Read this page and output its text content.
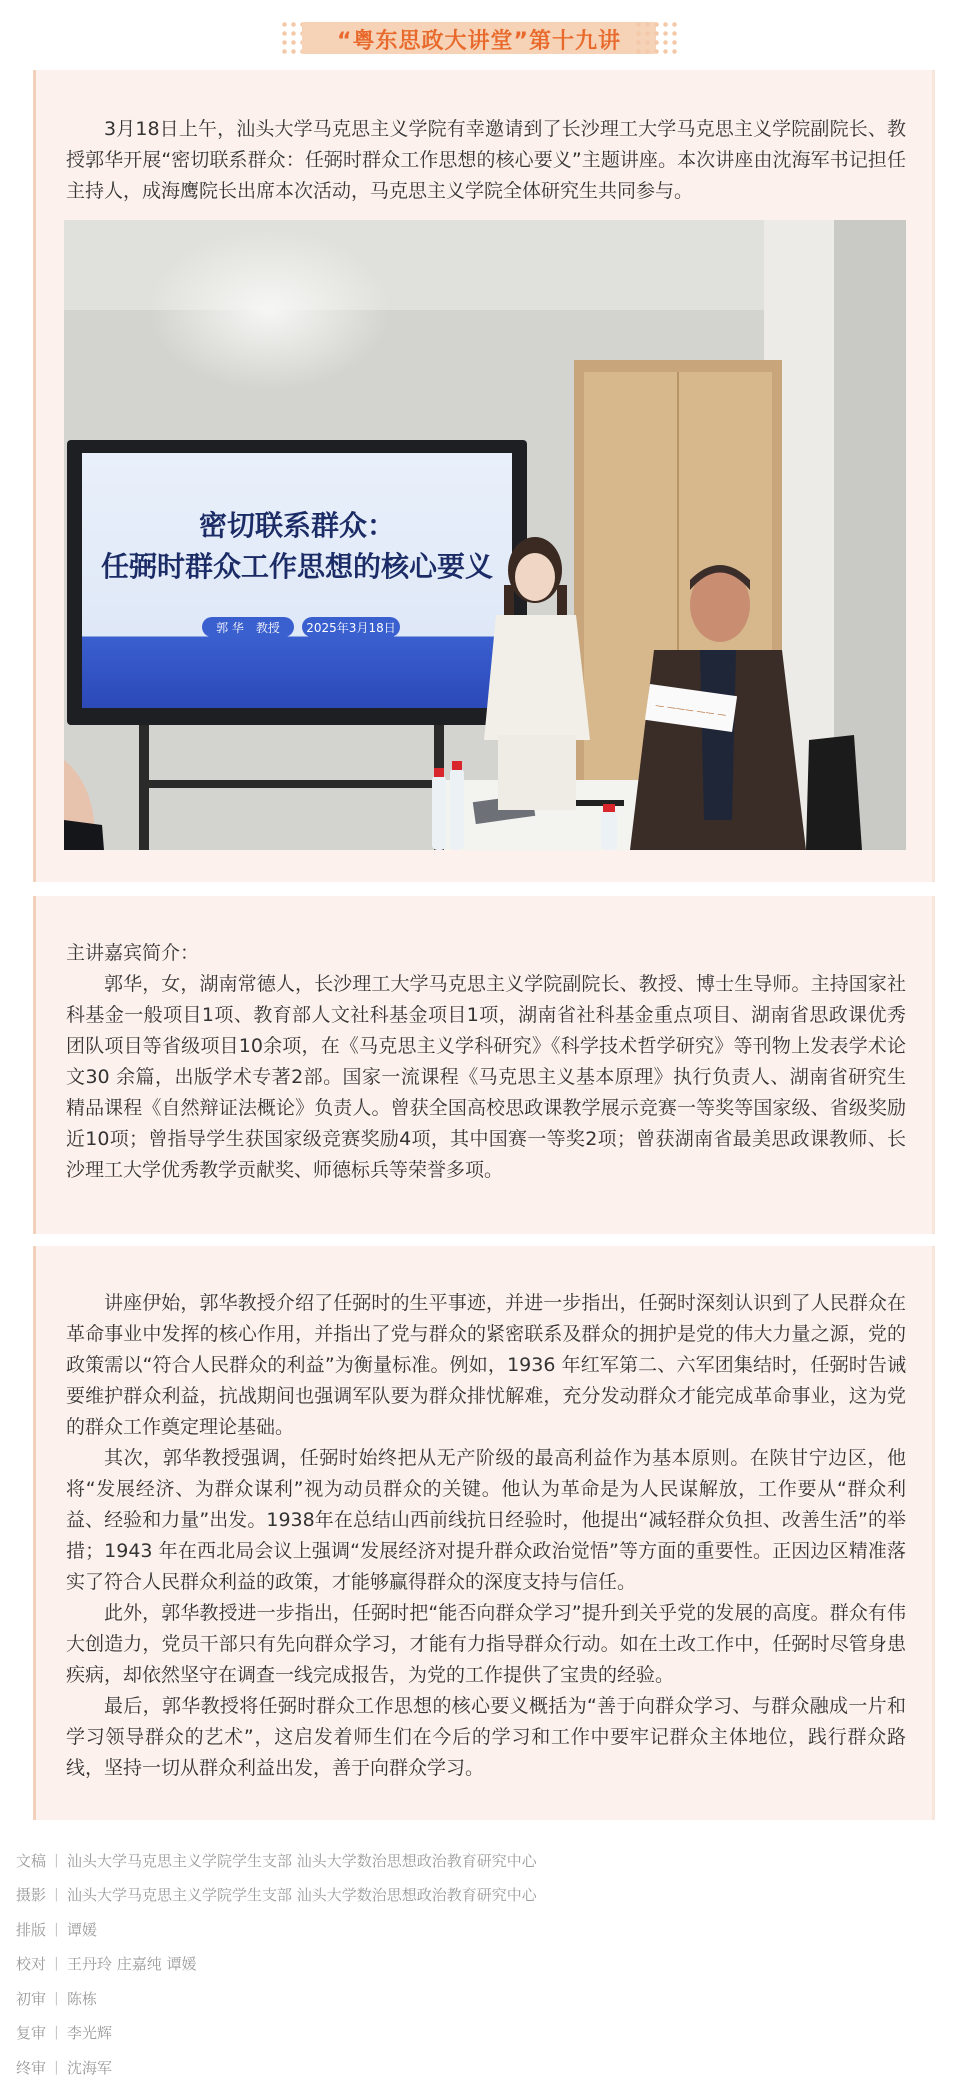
“粤东思政大讲堂”第十九讲

3月18日上午，汕头大学马克思主义学院有幸邀请到了长沙理工大学马克思主义学院副院长、教授郭华开展“密切联系群众：任弼时群众工作思想的核心要义”主题讲座。本次讲座由沈海军书记担任主持人，成海鹰院长出席本次活动，马克思主义学院全体研究生共同参与。

密切联系群众：
任弼时群众工作思想的核心要义
郭 华　教授 2025年3月18日
— ——— —— —

主讲嘉宾简介：

郭华，女，湖南常德人，长沙理工大学马克思主义学院副院长、教授、博士生导师。主持国家社科基金一般项目1项、教育部人文社科基金项目1项，湖南省社科基金重点项目、湖南省思政课优秀团队项目等省级项目10余项，在《马克思主义学科研究》《科学技术哲学研究》等刊物上发表学术论文30 余篇，出版学术专著2部。国家一流课程《马克思主义基本原理》执行负责人、湖南省研究生精品课程《自然辩证法概论》负责人。曾获全国高校思政课教学展示竞赛一等奖等国家级、省级奖励近10项；曾指导学生获国家级竞赛奖励4项，其中国赛一等奖2项；曾获湖南省最美思政课教师、长沙理工大学优秀教学贡献奖、师德标兵等荣誉多项。

讲座伊始，郭华教授介绍了任弼时的生平事迹，并进一步指出，任弼时深刻认识到了人民群众在革命事业中发挥的核心作用，并指出了党与群众的紧密联系及群众的拥护是党的伟大力量之源，党的政策需以“符合人民群众的利益”为衡量标准。例如，1936 年红军第二、六军团集结时，任弼时告诫要维护群众利益，抗战期间也强调军队要为群众排忧解难，充分发动群众才能完成革命事业，这为党的群众工作奠定理论基础。

其次，郭华教授强调，任弼时始终把从无产阶级的最高利益作为基本原则。在陕甘宁边区，他将“发展经济、为群众谋利”视为动员群众的关键。他认为革命是为人民谋解放，工作要从“群众利益、经验和力量”出发。1938年在总结山西前线抗日经验时，他提出“减轻群众负担、改善生活”的举措；1943 年在西北局会议上强调“发展经济对提升群众政治觉悟”等方面的重要性。正因边区精准落实了符合人民群众利益的政策，才能够赢得群众的深度支持与信任。

此外，郭华教授进一步指出，任弼时把“能否向群众学习”提升到关乎党的发展的高度。群众有伟大创造力，党员干部只有先向群众学习，才能有力指导群众行动。如在土改工作中，任弼时尽管身患疾病，却依然坚守在调查一线完成报告，为党的工作提供了宝贵的经验。

最后，郭华教授将任弼时群众工作思想的核心要义概括为“善于向群众学习、与群众融成一片和学习领导群众的艺术”，这启发着师生们在今后的学习和工作中要牢记群众主体地位，践行群众路线，坚持一切从群众利益出发，善于向群众学习。

文稿 丨 汕头大学马克思主义学院学生支部 汕头大学数治思想政治教育研究中心
摄影 丨 汕头大学马克思主义学院学生支部 汕头大学数治思想政治教育研究中心
排版 丨 谭媛
校对 丨 王丹玲 庄嘉纯 谭媛
初审 丨 陈栋
复审 丨 李光辉
终审 丨 沈海军
